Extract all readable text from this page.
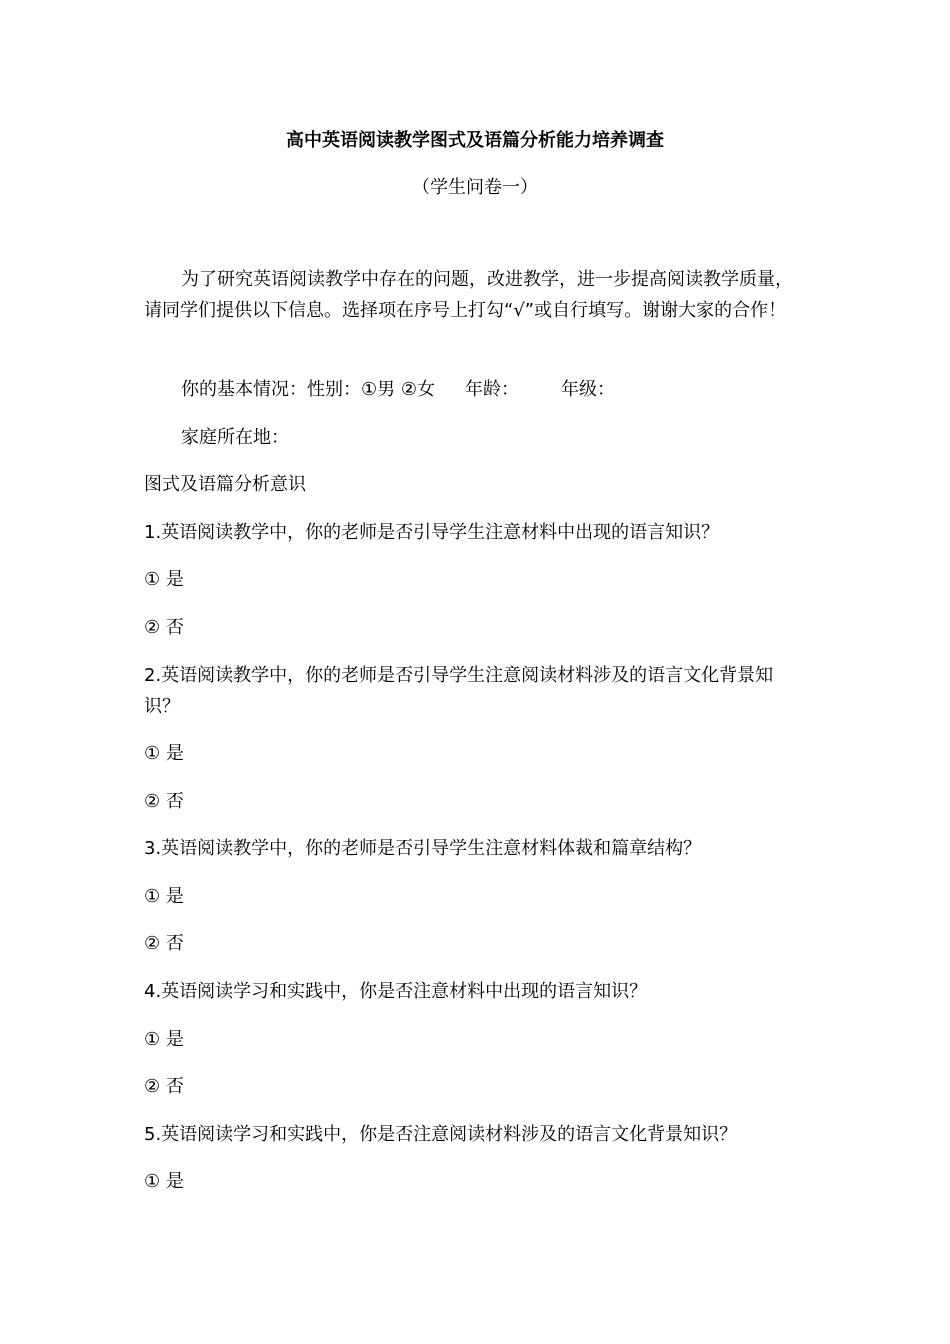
高中英语阅读教学图式及语篇分析能力培养调查
（学生问卷一）
为了研究英语阅读教学中存在的问题，改进教学，进一步提高阅读教学质量，请同学们提供以下信息。选择项在序号上打勾“√”或自行填写。谢谢大家的合作！
你的基本情况：性别：①男 ②女 年龄： 年级：
家庭所在地：
图式及语篇分析意识
1.英语阅读教学中，你的老师是否引导学生注意材料中出现的语言知识？
① 是
② 否
2.英语阅读教学中，你的老师是否引导学生注意阅读材料涉及的语言文化背景知识？
① 是
② 否
3.英语阅读教学中，你的老师是否引导学生注意材料体裁和篇章结构？
① 是
② 否
4.英语阅读学习和实践中，你是否注意材料中出现的语言知识？
① 是
② 否
5.英语阅读学习和实践中，你是否注意阅读材料涉及的语言文化背景知识？
① 是
